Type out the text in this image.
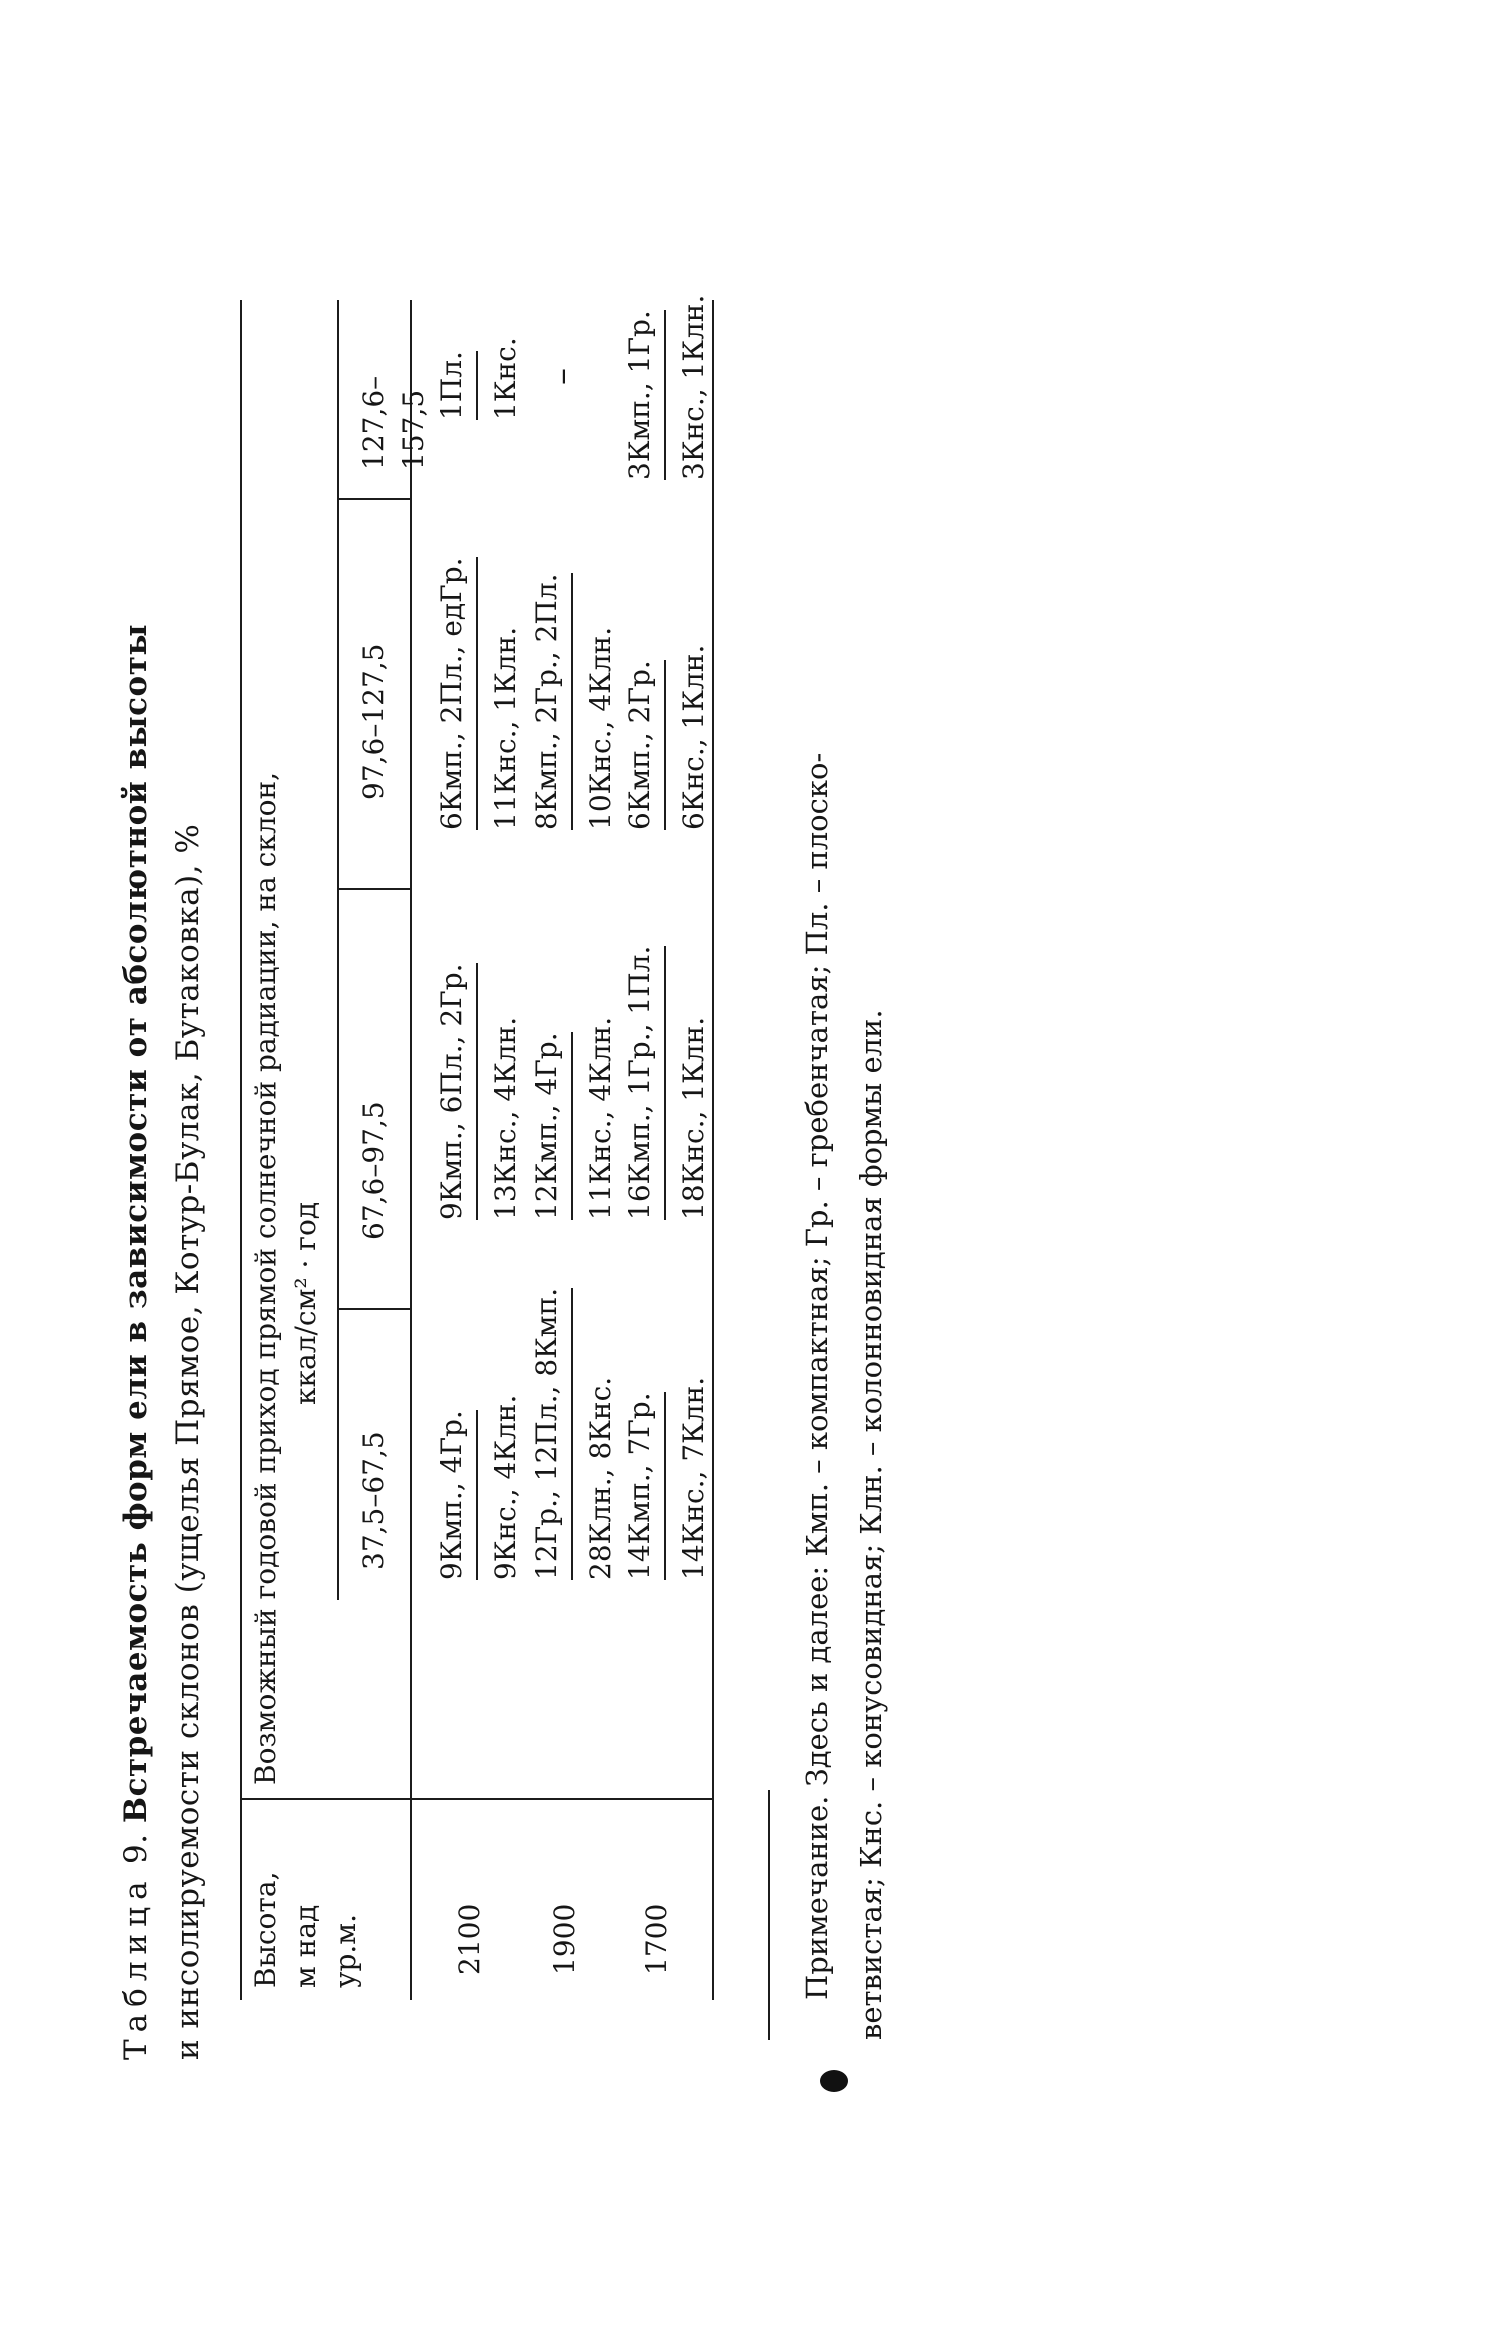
Таблица 9. Встречаемость форм ели в зависимости от абсолютной высоты и инсолируемости склонов (ущелья Прямое, Котур-Булак, Бутаковка), % Высота, м над ур.м.
Возможный годовой приход прямой солнечной радиации, на склон, ккал/см² · год
37,5–67,5
67,6–97,5
97,6–127,5
127,6–157,5
2100
9Кмп., 4Гр. 9Кнс., 4Клн.
9Кмп., 6Пл., 2Гр. 13Кнс., 4Клн.
6Кмп., 2Пл., едГр. 11Кнс., 1Клн.
1Пл. 1Кнс.
1900
12Гр., 12Пл., 8Кмп. 28Клн., 8Кнс.
12Кмп., 4Гр. 11Кнс., 4Клн.
8Кмп., 2Гр., 2Пл. 10Кнс., 4Клн.
–
1700
14Кмп., 7Гр. 14Кнс., 7Клн.
16Кмп., 1Гр., 1Пл. 18Кнс., 1Клн.
6Кмп., 2Гр. 6Кнс., 1Клн.
3Кмп., 1Гр. 3Кнс., 1Клн.
Примечание. Здесь и далее: Кмп. – компактная; Гр. – гребенчатая; Пл. – плоско- ветвистая; Кнс. – конусовидная; Клн. – колонновидная формы ели.
